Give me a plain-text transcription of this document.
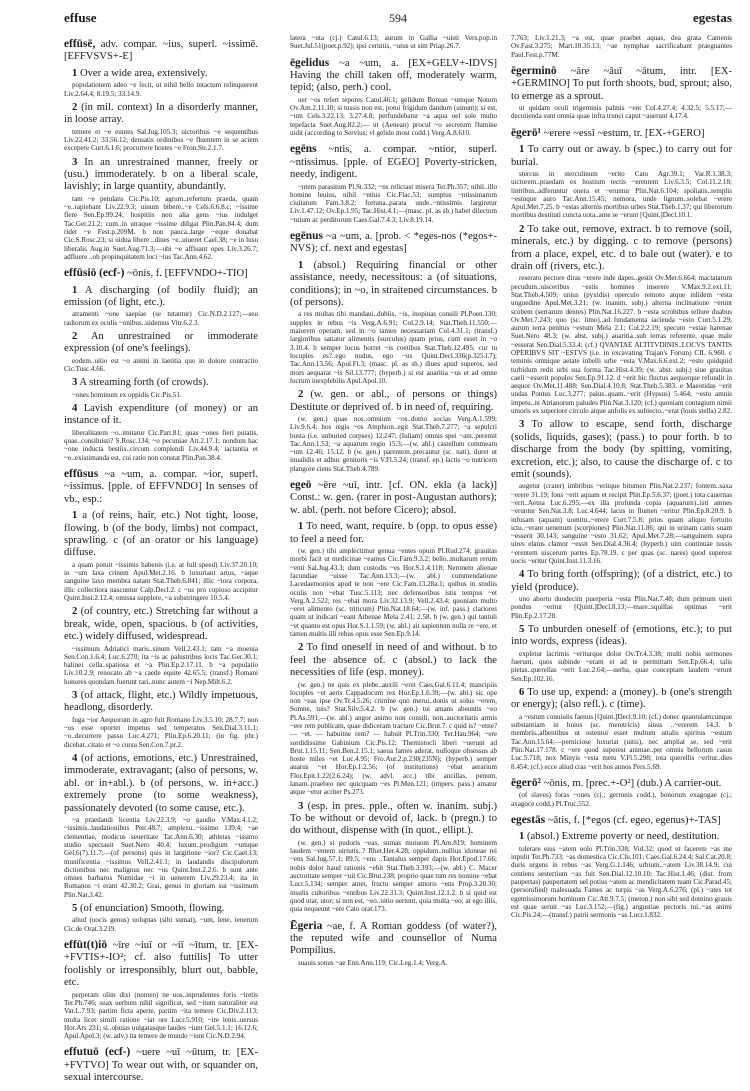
effuse	594	egestas
effūsē, adv. compar. ~ius, superl. ~issimē. [EFFVSVS+-E]
1 Over a wide area, extensively.
populationem adeo ~e fecit, ut nihil bello intactum relinquerent Liv.2.64.4; 8.19.5; 33.14.9.
2 (in mil. context) In a disorderly manner, in loose array.
temere et ~e euntes Sal.Jug.105.3; uictoribus ~e sequentibus Liv.22.41.2; 33.56.12; densatis ordinibus ~e fluentem in se aciem excepere Curt.6.1.6; procurrere hostes ~e Fron.Str.2.1.7.
3 In an unrestrained manner, freely or (usu.) immoderately. b on a liberal scale, lavishly; in large quantity, abundantly.
tam ~e petulans Cic.Pis.10; agrum..refertum praeda, quam ~e..rapiebant Liv.22.9.3; uinum bibere..~e Cels.6.6.8.c; ~issime flere Sen.Ep.99.24; hospitiis non alia gens ~ius indulget Tac.Ger.21.2; cum..in utraque ~issime diligat Plin.Pan.84.4; dum ridet ~e Fest.p.209M. b non pauca..large ~eque donabat Cic.S.Rosc.23; si uidua libere ..diues ~e..uiueret Cael.38; ~e in lusu liberalis Aug.in Suet.Aug.71.3;—ubi ~e affluant opes Liv.3.26.7; adfluere ..ob propinquitatem loci ~ius Tac.Ann.4.62.
effūsiō (ecf-) ~ōnis, f. [EFFVNDO+-TIO]
1 A discharging (of bodily fluid); an emission (of light, etc.).
atramenti ~one saepiae (se tutantur) Cic.N.D.2.127;—seu radiorum ex oculis ~onibus..uidemus Vitr.6.2.3.
2 An unrestrained or immoderate expression (of one's feelings).
eodem..uitio est ~o animi in laetitia quo in dolore contractio Cic.Tusc.4.66.
3 A streaming forth (of crowds).
~ones hominum ex oppidis Cic.Pis.51.
4 Lavish expenditure (of money) or an instance of it.
liberalitatem ~o..imitatur Cic.Part.81; quas ~ones fieri putatis, quae..consiluisti? S.Rosc.134; ~o pecuniae Att.2.17.1; nondum hac ~one inducta bestiis..circum complendi Liv.44.9.4; iactantia et ~o..existimanda est, cui ratio non constat Plin.Pan.38.4.
effūsus ~a ~um, a. compar. ~ior, superl. ~issimus. [pple. of EFFVNDO] In senses of vb., esp.:
1 a (of reins, hair, etc.) Not tight, loose, flowing. b (of the body, limbs) not compact, sprawling. c (of an orator or his language) diffuse.
a quam potuit ~issimis habenis (i.e. at full speed) Liv.37.20.10; in ~um laxa crinem Apul.Met.2.16. b luxuriant artus, ~aque sanguine laxo membra natant Stat.Theb.6.841; illic ~iora corpora, illic collectiora nascuntur Calp.Decl.2. c ~us pro copioso accipitur Quint.Inst.2.12.4; omissa supplere, ~a substringere 10.5.4.
2 (of country, etc.) Stretching far without a break, wide, open, spacious. b (of activities, etc.) widely diffused, widespread.
~issimum Adriatici maris..sinum Vell.2.43.1; tam ~a moenia Sen.Con.1.6.4; Luc.6.270; ita ~is ac palustribus locis Tac.Ger.30.1; balinei cella..spatiosa et ~a Plin.Ep.2.17.11. b ~a populatio Liv.10.2.9; renocato ab ~a caede equite 42.65.5; (transf.) Romani honores quondam fuerunt rari..nunc autem ~i Nep.Milt.6.2.
3 (of attack, flight, etc.) Wildly impetuous, headlong, disorderly.
fuga ~ior Aequorum in agro fuit Romano Liv.3.5.10; 28.7.7; non ~os esse oportet impetus sed temperatos Sen.Dial.3.11.1; ~o..decurrere passu Luc.4.271; Plin.Ep.6.20.11; (in fig. phr.) dicebat..citato et ~o cursu Sen.Con.7.pr.2.
4 (of actions, emotions, etc.) Unrestrained, immoderate, extravagant; (also of persons, w. abl. or in+abl.). b (of persons, w. in+acc.) extremely prone (to some weakness), passionately devoted (to some cause, etc.).
~a praedandi licentia Liv.22.3.9; ~o gaudio V.Max.4.1.2; ~issimis..laudationibus Petr.48.7; amplexu..~issimo 139.4; ~ae clementiae, modicus seueritate Tac.Ann.6.30; athletas ~issimo studio spectauit Suet.Nero 40.4; luxum..prodigum ~umque Gel.6(7).11.7;—(of persons) quis in largitione ~ior? Cic.Cael.13; munificentia ~issimus Vell.2.41.1; in laudandis discipulorum dictionibus nec malignus nec ~us Quint.Inst.2.2.6. b sunt ante omnes barbaros Numidae ~i in uenerem Liv.29.23.4; ita in Romanos ~i erant 42.30.2; Grai, genus in gloriam sui ~issimum Plin.Nat.3.42.
5 (of enunciation) Smooth, flowing.
aliud (uocis genus) uoluptas (sibi sumat), ~um, lene, tenerum Cic.de Orat.3.219.
effūt(t)iō ~īre ~iuī or ~iī ~ītum, tr. [EX-+FVTIS+-IO²; cf. also futtilis] To utter foolishly or irresponsibly, blurt out, babble, etc.
perperam olim dixi (nomen) ne uos..inprudentes foris ~iretis Ter.Ph.746; suax uerbum nihil significat, sed ~itum naturaliter est Var.L.7.93; partim ficta aperte, partim ~ita temere Cic.Div.2.113; multa licet simili ratione ~iat ore Lucr.5.910; ~ire lenis..uersus Hor.Ars 231; si..obuias uulgatasque laudes ~iunt Gel.5.1.1; 16.12.6; Apul.Apol.3; (w. adv.) ita temere de mundo ~iunt Cic.N.D.2.94.
effutuō (ecf-) ~uere ~uī ~ūtum, tr. [EX-+FVTVO] To wear out with, or squander on, sexual intercourse.
latera ~uta (cj.) Catul.6.13; aurum in Gallia ~uisti Vers.pop.in Suet.Jul.51(poet.p.92); ipsi cernitis, ~utus ut sim Priap.26.7.
ēgelidus ~a ~um, a. [EX+GELV+-IDVS] Having the chill taken off, moderately warm, tepid; (also, perh.) cool.
uer ~os refert tepores Catul.46.1; gelidum Borean ~umque Notum Ov.Am.2.11.10; si tussis non est, potui frigidum dandum (uinum); si est, ~um Cels.3.22.13; 3.27.4.8; perfundebatur ~a aqua uel sole multo tepefacta Suet.Aug.82.2;— ut (Aenean) procul ~o secretum flumine uidit (according to Servius; vl gelido most codd.) Verg.A.8.610.
egēns ~ntis, a. compar. ~ntior, superl. ~ntissimus. [pple. of EGEO] Poverty-stricken, needy, indigent.
~ntem parasitum Pl.St.332; ~ns relictast misera Ter.Ph.357; nihil..illo homine leuius, nihil ~ntius Cic.Flac.53; sumptus ~ntissimarum ciuitatum Fam.3.8.2; fortuna..parata unde..~ntissimis largiretur Liv.1.47.12; Ov.Ep.1.95; Tac.Hist.4.1;—(masc. pl. as sb.) habet dilectum ~ntium ac perditorum Caes.Gal.7.4.3; Liv.8.19.14.
egēnus ~a ~um, a. [prob. < *eges-nos (*egos+-NVS); cf. next and egestas]
1 (absol.) Requiring financial or other assistance, needy, necessitous: a (of situations, conditions); in ~o, in straitened circumstances. b (of persons).
a res multas tibi mandaui..dubiis, ~is, inopinas consili Pl.Poen.130; supplex in rebus ~is Verg.A.6.91; Col.2.9.14; Stat.Theb.11.550;—maiorem operam, sed in ~o tamen necessariam Col.4.31.1; (transf.) largioribus satiatur alimentis (surculus) quam prius, cum esset in ~o 3.10.4. b semper locus horret ~is coetibus Stat.Theb.12.495; cur tu locuples es?..ego nudus, ego ~us Quint.Decl.336(p.325.l.7); Tac.Ann.13.56; Apul.Fl.3; (masc. pl. as sb.) diues apud superos, sed mors aequarat ~is Sil.13.777; (hyperb.) si est auaritia ~us et ad omne lucrum inexplebilis Apul.Apol.10.
2 (w. gen. or abl., of persons or things) Destitute or deprived of. b in need of, requiring.
(w. gen.) quae nos..omnium ~os..domo socias Verg.A.1.599; Liv.9.6.4; hos regis ~os Amphion..egit Stat.Theb.7.277; ~a sepulcri busta (i.e. unburied corpses) 12.247; (Iuliam) omnis spei ~am..peremit Tac.Ann.1.53; ~a aquarum regio 15.3;—(w. abl.) castellum commeatu ~um 12.46; 15.12. b (w. gen.) parentem..precantur (sc. nati), duret ut inualidis et adhuc genitoris ~is V.Fl.5.24; (transf. ep.) lactis ~o nutricem plangore ciens Stat.Theb.4.789.
egeō ~ēre ~uī, intr. [cf. ON. ekla (a lack)] Const.: w. gen. (rarer in post-Augustan authors); w. abl. (perh. not before Cicero); absol.
1 To need, want, require. b (opp. to opus esse) to feel a need for.
(w. gen.) tibi amplectimur genua ~entes opum Pl.Rud.274; grauitas morbi facit ut medicinae ~eamus Cic.Fam.9.3.2; bello..multarum rerum ~enti Sal.Jug.43.3; dum custodis ~es Hor.S.1.4.118; Neronem alienae facundiae ~uisse Tac.Ann.13.3;—(w. abl.) commendatione Lacedaemonios apud te non ~ere Cic.Fam.13.28a.1; quibus in studiis oculis non ~ebat Tusc.5.113; nec defensoribus istis tempus ~et Verg.A.2.522; res ~ebat mora Liv.32.13.9; Vell.2.43.4; quoniam multo ~eret alimento (sc. triticum) Plin.Nat.18.64;—(w. inf. pass.) clariores quam ut indicari ~eant Athenae Mela 2.41; 2.58. b (w. gen.) qui tantuli ~et quanto est opus Hor.S.1.1.59; (w. abl.) ait sapientem nulla re ~ere, et tamen multis illi rebus opus esse Sen.Ep.9.14.
2 To find oneself in need of and without. b to feel the absence of. c (absol.) to lack the necessities of life (esp. money).
(w. gen.) ne quis ex plebe..auxili ~eret Caes.Gal.6.11.4; mancipiis locuples ~et aeris Cappadocum rex Hor.Ep.1.6.39;—(w. abl.) sic ope non ~eas ipse Ov.Tr.4.5.26; crimine quo merui..donis ut solus ~erem, Somne, tuis? Stat.Silv.5.4.2. b (w. gen.) tui amans abeuntis ~eo Pl.As.591;—(w. abl.) angor animo non consili, non..auctoritatis armis ~ere rem publicam, quae didiceram tractare Cic.Brut.7. c quid is? ~etne? — ~et. — habuitne rem? — habuit Pl.Trin.330; Ter.Hau.964; ~ere sordidissime Gabinium Cic.Pis.12; Themistocli liberi ~uerunt ad Brut.1.15.11; Sen.Ben.2.15.1; saeua fames aderat, nulloque obsessus ab hoste miles ~et Luc.4.95; Fro.Aur.2.p.230(235N); (hyperb.) semper auarus ~et Hor.Ep.1.2.56; (of institutions) ~ebat aerarium Flor.Epit.1.22(2.6.24); (w. advl. acc.) tibi ancillas, penum, lanam..praebeo nec quicquam ~es Pl.Men.121; (impers. pass.) amatur atque ~etur acriter Ps.273.
3 (esp. in pres. pple., often w. inanim. subj.) To be without or devoid of, lack. b (pregn.) to do without, dispense with (in quot., ellipt.).
(w. gen.) si pudoris ~eas, sumas mutuom Pl.Am.819; hominem laudem ~entem uirtutis..? Rhet.Her.4.28; oppidum..nullius idoneae rei ~ens Sal.Jug.57.1; 89.5; ~ens ..Tantalus semper dapis Hor.Epod.17.66; nobis dolor haud rationis ~ebit Stat.Theb.3.393;—(w. abl.) C. Macer auctoritate semper ~uit Cic.Brut.238; proprio quae tum res nomine ~ebat Lucr.5.134; semper amet, fructu semper amoris ~ens Prop.3.20.30; insulis cultoribus ~entibus Liv.22.31.3; Quint.Inst.12.1.2. b si quid est quod utar, utor; si non est, ~eo..uitio uertunt, quia multa ~eo; at ego illis, quia nequeunt ~ere Cato orat.173.
Ēgeria ~ae, f. A Roman goddess (of water?), the reputed wife and counsellor of Numa Pompilius.
suauis sonus ~ae Enn.Ann.119; Cic.Leg.1.4; Verg.A.
7.763; Liv.1.21.3; ~a est, quae praebet aquas, dea grata Camenis Ov.Fast.3.275; Mart.10.35.13; ~ae nymphae sacrificabant praegnantes Paul.Fest.p.77M.
ēgerminō ~āre ~āuī ~ātum, intr. [EX-+GERMINO] To put forth shoots, bud, sprout; also, to emerge as a sprout.
ut quidam oculi trigeminis palmis ~ent Col.4.27.4; 4.32.5; 5.5.17;—decutienda sunt omnia quae infra trunci caput ~auerunt 4.17.4.
ēgerō¹ ~erere ~essī ~estum, tr. [EX-+GERO]
1 To carry out or away. b (spec.) to carry out for burial.
stercus in sterculinum ~erito Cato Agr.39.1; Var.R.1.38.3; uictorem..praedam ex hostium tectis ~erentem Liv.6.3.5; Col.11.2.18; lintribus..adferuntur onera et ~eruntur Plin.Nat.6.104; spoliatis..templis ~estoque auro Tac.Ann.15.45; nemora, unde lignum..solebat ~erere Apul.Met.7.25. b ~estas alternis mortibus urbes Stat.Theb.1.37; qui liberorum mortibus destituti cuncta uota..ante se ~erunt [Quint.]Decl.10.1.
2 To take out, remove, extract. b to remove (soil, minerals, etc.) by digging. c to remove (persons) from a place, expel, etc. d to bale out (water). e to drain off (rivers, etc.).
reserato pectore diras ~erere inde dapes..gestit Ov.Met.6.664; mactatarum pecudum..uisceribus ~estis homines inserere V.Max.9.2.ext.11; Stat.Theb.4.509; unius (pyxidis) operculo remoto atque inlidem ~esta unguedine Apul.Met.3.21; (w. inanim. subj.) alterna inclinatione ~erunt scobem (serrarum dentes) Plin.Nat.16.227. b ~esta scrobibus tellure duabus Ov.Met.7.243; quo (sc. limo)..ad fundamenta iacienda ~esto Curt.5.1.29; aurum terra penitus ~estum Mela 2.1; Col.2.2.19; specum ~estae harenae Suet.Nero 48.3; (w. abst. subj.) auaritia..sub terras referente, quae male ~esserat Sen.Dial.5.33.4; (cf.) QVANTAE ALTITVDINIS..LOCVS TANTIS OPERIBVS SIT ~ESTVS (i.e. in excavating Trajan's Forum) CIL 6.960. c teminis omnique aetate inbelli urbe ~esta V.Max.6.6.ext.2; ~esto quidquid turbidum redit urbi sua forma Tac.Hist.4.39; (w. abst. subj.) siue grauitas caeli ~esserit populos Sen.Ep.91.12. d ~erit hic fluctus aequorque refundit in aequor Ov.Met.11.488; Sen.Dial.4.10.8; Stat.Theb.5.383. e Maeotidas ~erit undas Pontus Luc.3.277; palus..quam..~erit (Hypsus) 5.464; ~esto amnis impetu..in Atrianorum paludes Plin.Nat.3.120; (cf.) quoniam contagium nimii umoris ex superiore circulo atque anfolis ex subiecto..~erat (louis stella) 2.82.
3 To allow to escape, send forth, discharge (solids, liquids, gases); (pass.) to pour forth. b to discharge from the body (by spitting, vomiting, excretion, etc.); also, to cause the discharge of. c to emit (sounds).
augetur (crater) imbribus ~eritque bitumen Plin.Nat.2.237; fontem..saxa ~erere 31.19; fons ~erit aquam et recipit Plin.Ep.5.6.37; (poet.) tota cauernas ~erit..Aetna Luc.6.295;—ex illa profunda copia (aquarum)..isti amnes ~eruntur Sen.Nat.3.8; Luc.4.644; lacus in flumen ~eritur Plin.Ep.8.20.9. b infusam (aquam) uomitu..~erere Curt.7.5.8; prius quam aliquo fortuito ictu..~erant uenenum (scorpiones) Plin.Nat.11.86; qui in urinam canis suam ~esserit 30.143; sanguine ~esto 31.62; Apul.Met.7.28;—sanguinem supra uires elatus clamor ~essit Sen.Dial.4.36.4; (hyperb.) uim continuae tussis ~erentem uiscerum partes Ep.78.19. c per quas (sc. nares) quod superest uocis ~eritur Quint.Inst.11.3.16.
4 To bring forth (offspring); (of a district, etc.) to yield (produce).
uno abortu duodecim puerperia ~esta Plin.Nat.7.48; dum primum uteri pondus ~eritur [Quint.]Decl.8.13;—mare..squillas optimas ~erit Plin.Ep.2.17.28.
5 To unburden oneself of (emotions, etc.); to put into words, express (ideas).
expletur lacrimis ~eriturque dolor Ov.Tr.4.3.38; multi nobis sermones fuerunt, quos subinde ~eram et ad te permittam Sen.Ep.66.4; talis pietas..querellas ~erit Luc.2.64;—uerba, quae conceptam laudem ~erunt Sen.Ep.102.16.
6 To use up, expend: a (money). b (one's strength or energy); (also refl.). c (time).
a ~estum conuiuiis faenus [Quint.]Decl.9.10; (cf.) donec quantulamcunque substantiam in huius (sc. meretricis) sinus ..~ererem 14.3. b membris..albentibus ut ostentui esset multum uitalis spiritus ~estum Tac.Ann.15.64;—perniciose luxuriat (uitis), nec ampliat se, sed ~erit Plin.Nat.17.178. c ~ere quod superest animae..per omnis bellorum casus Luc.5.718; nox Minyis ~esta metu V.Fl.5.298; tota querellis ~eritur..dies 8.454; (cf.) ecce aliud cras ~erit hos annos Pers.5.69.
ēgerō² ~ōnis, m. [prec.+-O²] (dub.) A carrier-out.
(of slaves) foras ~ones (cj.; gerronis codd.), bonorum exagogae (cj.; axagoce codd.) Pl.Truc.552.
egestās ~ātis, f. [*egos (cf. egeo, egenus)+-TAS]
1 (absol.) Extreme poverty or need, destitution.
tolerare eius ~atem uolo Pl.Trin.338; Vid.32; quod ut facerem ~as me inpulit Ter.Ph.733; ~as domestica Cic.Clu.101; Caes.Gal.6.24.4; Sal.Cat.20.8; duris urgens in rebus ~as Verg.G.1.146; urbium..~atem Liv.38.14.9; cui centiens sestertium ~as fuit Sen.Dial.12.10.10; Tac.Hist.1.46; (dist. from paupertas) paupertatem uel potius ~atem ac mendicitatem tuam Cic.Parad.45; (personified) malesuada Fames ac turpis ~as Verg.A.6.276; (pl.) ~ates tot egentissimorum hominum Cic.Att.9.7.5; (meton.) non sibi sed domino grauis est quae seruit ~as Luc.3.152;—(fig.) angustiae pectoris tui..~as animi Cic.Pis.24;—(transf.) patrii sermonis ~as Lucr.1.832.
